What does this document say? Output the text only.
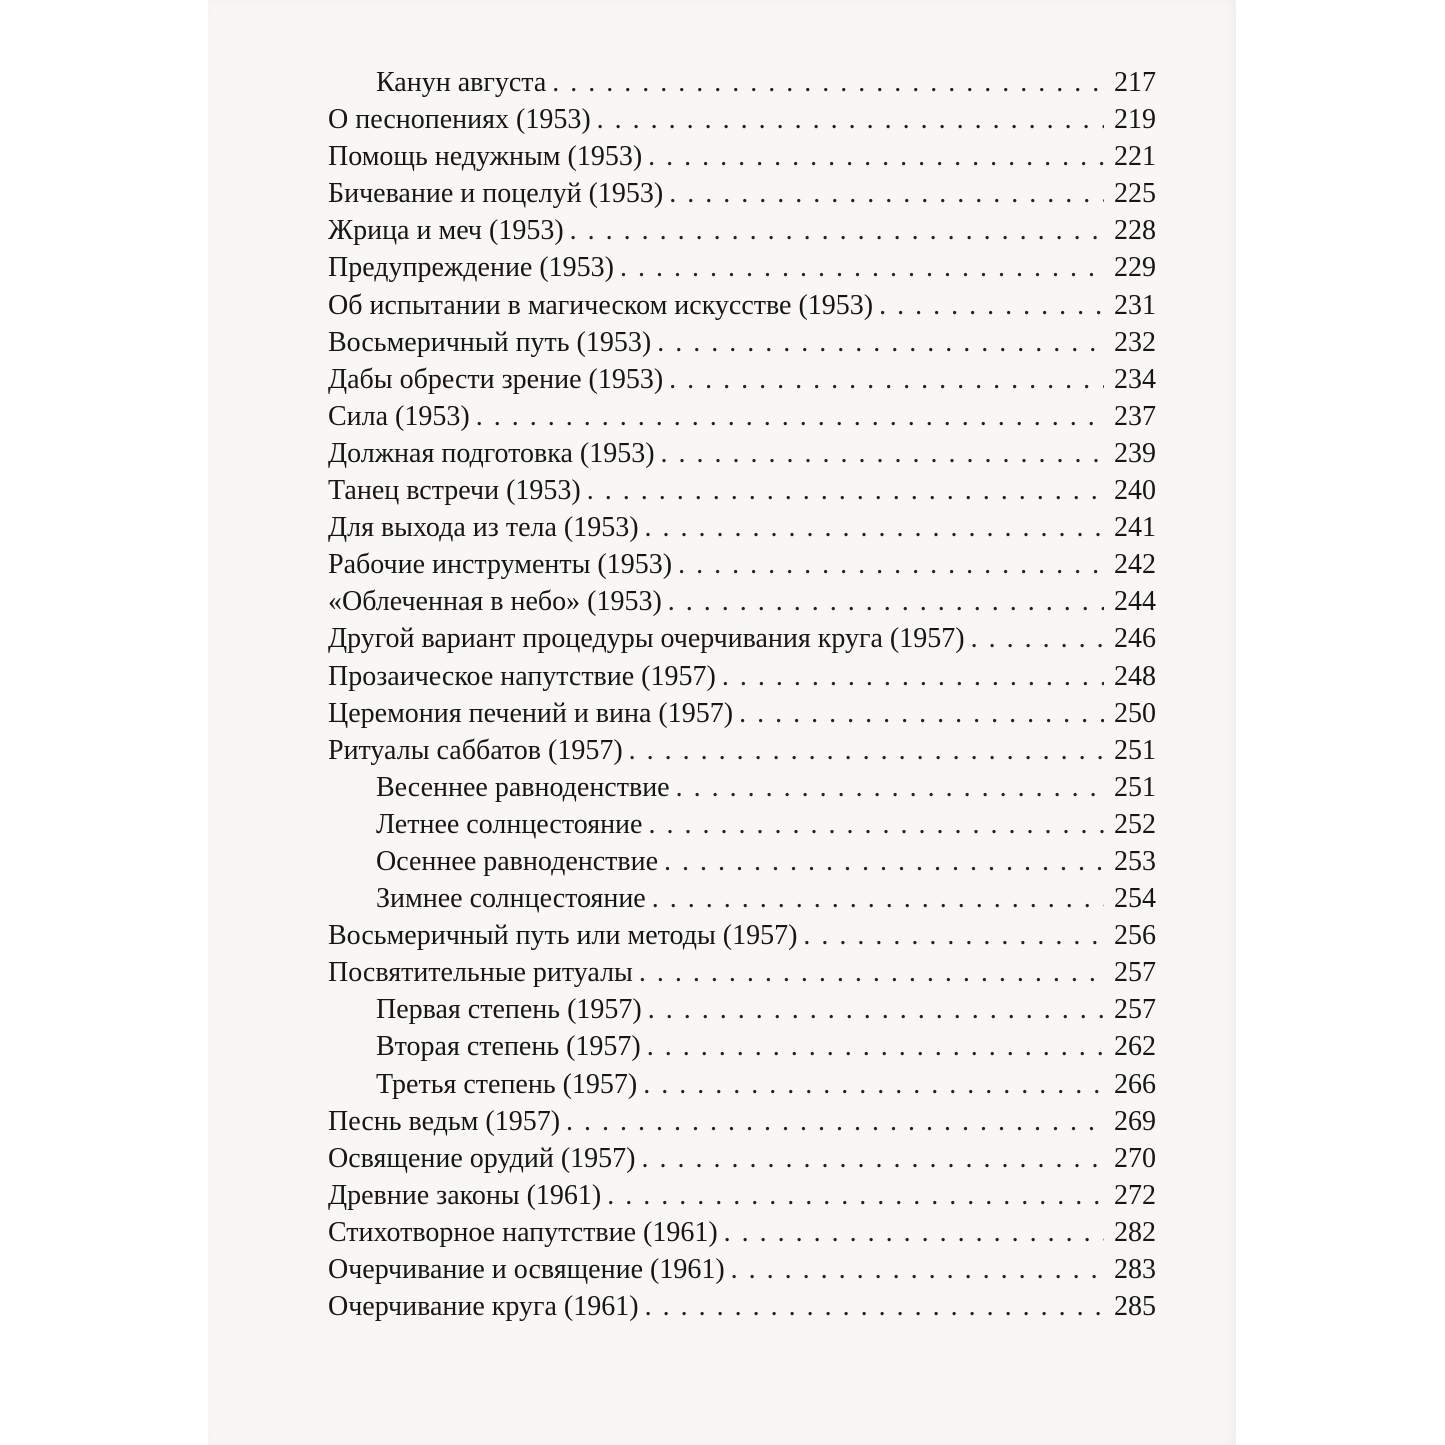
Канун августа . . .	217
О песнопениях (1953) . . .	219
Помощь недужным (1953) . . .	221
Бичевание и поцелуй (1953) . . .	225
Жрица и меч (1953) . . .	228
Предупреждение (1953) . . .	229
Об испытании в магическом искусстве (1953) . . .	231
Восьмеричный путь (1953) . . .	232
Дабы обрести зрение (1953) . . .	234
Сила (1953) . . .	237
Должная подготовка (1953) . . .	239
Танец встречи (1953) . . .	240
Для выхода из тела (1953) . . .	241
Рабочие инструменты (1953) . . .	242
«Облеченная в небо» (1953) . . .	244
Другой вариант процедуры очерчивания круга (1957) . . .	246
Прозаическое напутствие (1957) . . .	248
Церемония печений и вина (1957) . . .	250
Ритуалы саббатов (1957) . . .	251
Весеннее равноденствие . . .	251
Летнее солнцестояние . . .	252
Осеннее равноденствие . . .	253
Зимнее солнцестояние . . .	254
Восьмеричный путь или методы (1957) . . .	256
Посвятительные ритуалы . . .	257
Первая степень (1957) . . .	257
Вторая степень (1957) . . .	262
Третья степень (1957) . . .	266
Песнь ведьм (1957) . . .	269
Освящение орудий (1957) . . .	270
Древние законы (1961) . . .	272
Стихотворное напутствие (1961) . . .	282
Очерчивание и освящение (1961) . . .	283
Очерчивание круга (1961) . . .	285
